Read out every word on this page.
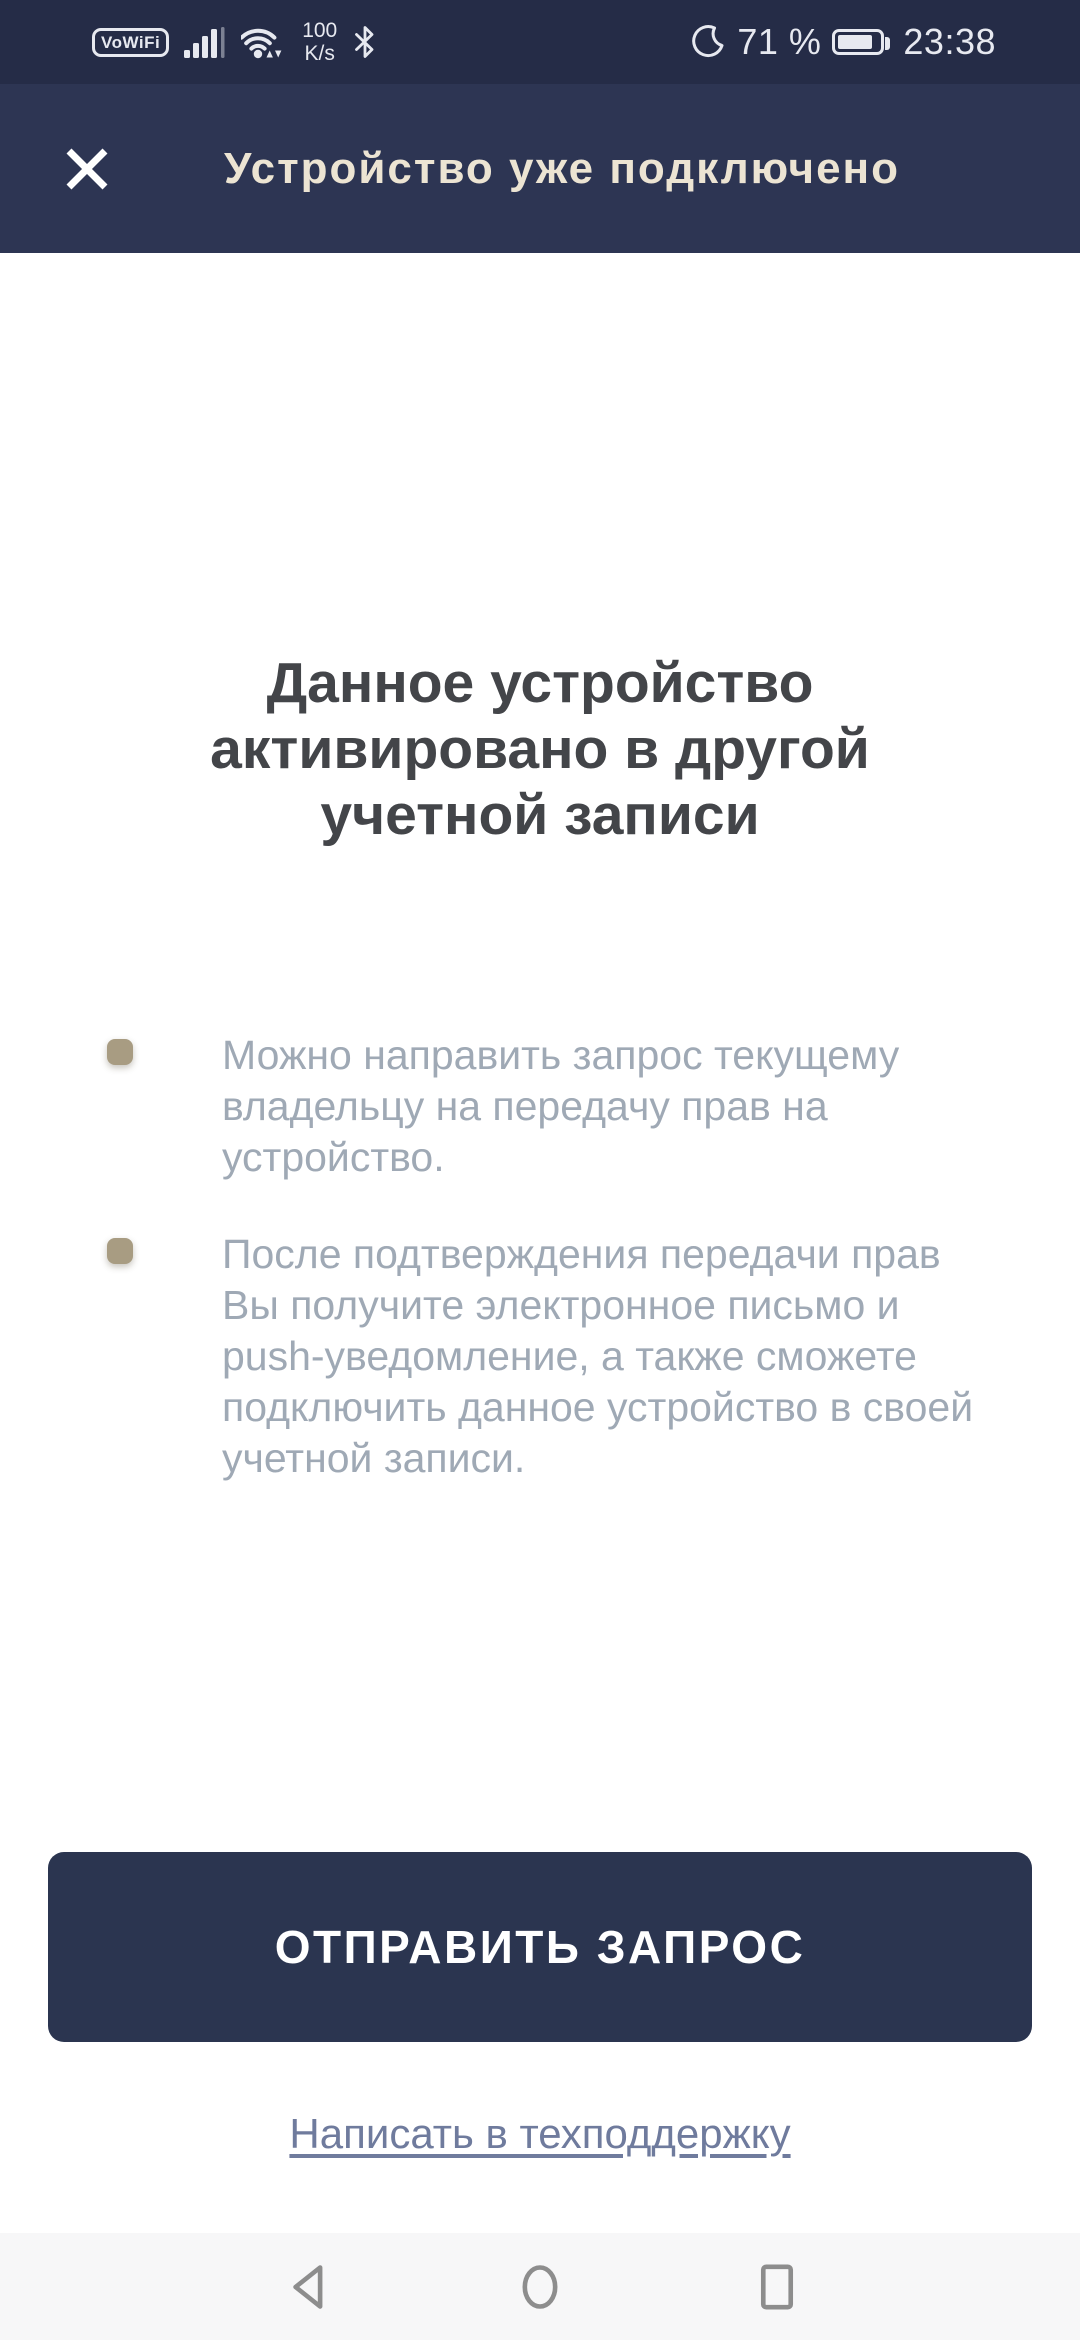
VoWiFi	100
K/s	71 % 23:38
Устройство уже подключено
Данное устройство
активировано в другой
учетной записи
Можно направить запрос текущему владельцу на передачу прав на устройство.
После подтверждения передачи прав Вы получите электронное письмо и push-уведомление, а также сможете подключить данное устройство в своей учетной записи.
ОТПРАВИТЬ ЗАПРОС
Написать в техподдержку
